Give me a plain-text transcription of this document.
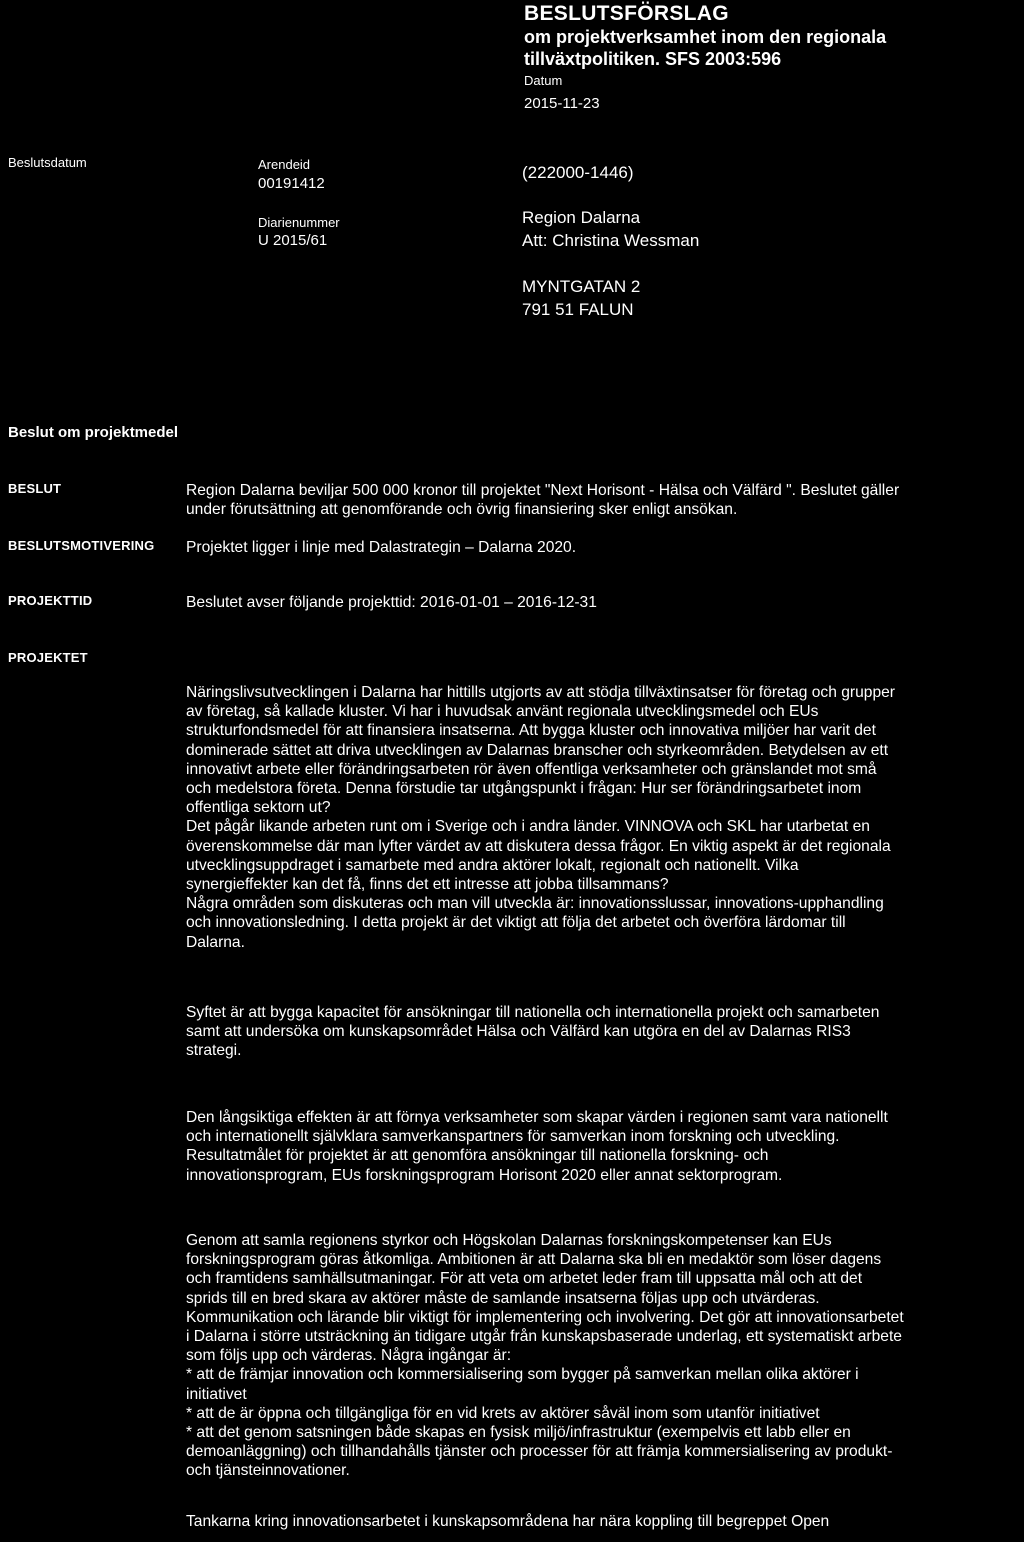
BESLUTSFÖRSLAG
om projektverksamhet inom den regionala tillväxtpolitiken. SFS 2003:596
Datum
2015-11-23
Beslutsdatum	Arendeid
00191412
Diarienummer
U 2015/61
(222000-1446)
Region Dalarna
Att: Christina Wessman
MYNTGATAN 2
791 51 FALUN
Beslut om projektmedel
BESLUT	Region Dalarna beviljar 500 000 kronor till projektet "Next Horisont - Hälsa och Välfärd ". Beslutet gäller
under förutsättning att genomförande och övrig finansiering sker enligt ansökan.

BESLUTSMOTIVERING Projektet ligger i linje med Dalastrategin – Dalarna 2020.
PROJEKTTID	Beslutet avser följande projekttid: 2016-01-01 – 2016-12-31
PROJEKTET

Näringslivsutvecklingen i Dalarna har hittills utgjorts av att stödja tillväxtinsatser för företag och grupper
av företag, så kallade kluster. Vi har i huvudsak använt regionala utvecklingsmedel och EUs
strukturfondsmedel för att finansiera insatserna. Att bygga kluster och innovativa miljöer har varit det
dominerade sättet att driva utvecklingen av Dalarnas branscher och styrkeområden. Betydelsen av ett
innovativt arbete eller förändringsarbeten rör även offentliga verksamheter och gränslandet mot små
och medelstora företa. Denna förstudie tar utgångspunkt i frågan: Hur ser förändringsarbetet inom
offentliga sektorn ut?
Det pågår likande arbeten runt om i Sverige och i andra länder. VINNOVA och SKL har utarbetat en
överenskommelse där man lyfter värdet av att diskutera dessa frågor. En viktig aspekt är det regionala
utvecklingsuppdraget i samarbete med andra aktörer lokalt, regionalt och nationellt. Vilka
synergieffekter kan det få, finns det ett intresse att jobba tillsammans?
Några områden som diskuteras och man vill utveckla är: innovationsslussar, innovations-upphandling
och innovationsledning. I detta projekt är det viktigt att följa det arbetet och överföra lärdomar till
Dalarna.

Syftet är att bygga kapacitet för ansökningar till nationella och internationella projekt och samarbeten
samt att undersöka om kunskapsområdet Hälsa och Välfärd kan utgöra en del av Dalarnas RIS3
strategi.

Den långsiktiga effekten är att förnya verksamheter som skapar värden i regionen samt vara nationellt
och internationellt självklara samverkanspartners för samverkan inom forskning och utveckling.
Resultatmålet för projektet är att genomföra ansökningar till nationella forskning- och
innovationsprogram, EUs forskningsprogram Horisont 2020 eller annat sektorprogram.

Genom att samla regionens styrkor och Högskolan Dalarnas forskningskompetenser kan EUs
forskningsprogram göras åtkomliga. Ambitionen är att Dalarna ska bli en medaktör som löser dagens
och framtidens samhällsutmaningar. För att veta om arbetet leder fram till uppsatta mål och att det
sprids till en bred skara av aktörer måste de samlande insatserna följas upp och utvärderas.
Kommunikation och lärande blir viktigt för implementering och involvering. Det gör att innovationsarbetet
i Dalarna i större utsträckning än tidigare utgår från kunskapsbaserade underlag, ett systematiskt arbete
som följs upp och värderas. Några ingångar är:
* att de främjar innovation och kommersialisering som bygger på samverkan mellan olika aktörer i
initiativet
* att de är öppna och tillgängliga för en vid krets av aktörer såväl inom som utanför initiativet
* att det genom satsningen både skapas en fysisk miljö/infrastruktur (exempelvis ett labb eller en
demoanläggning) och tillhandahålls tjänster och processer för att främja kommersialisering av produkt-
och tjänsteinnovationer.

Tankarna kring innovationsarbetet i kunskapsområdena har nära koppling till begreppet Open
